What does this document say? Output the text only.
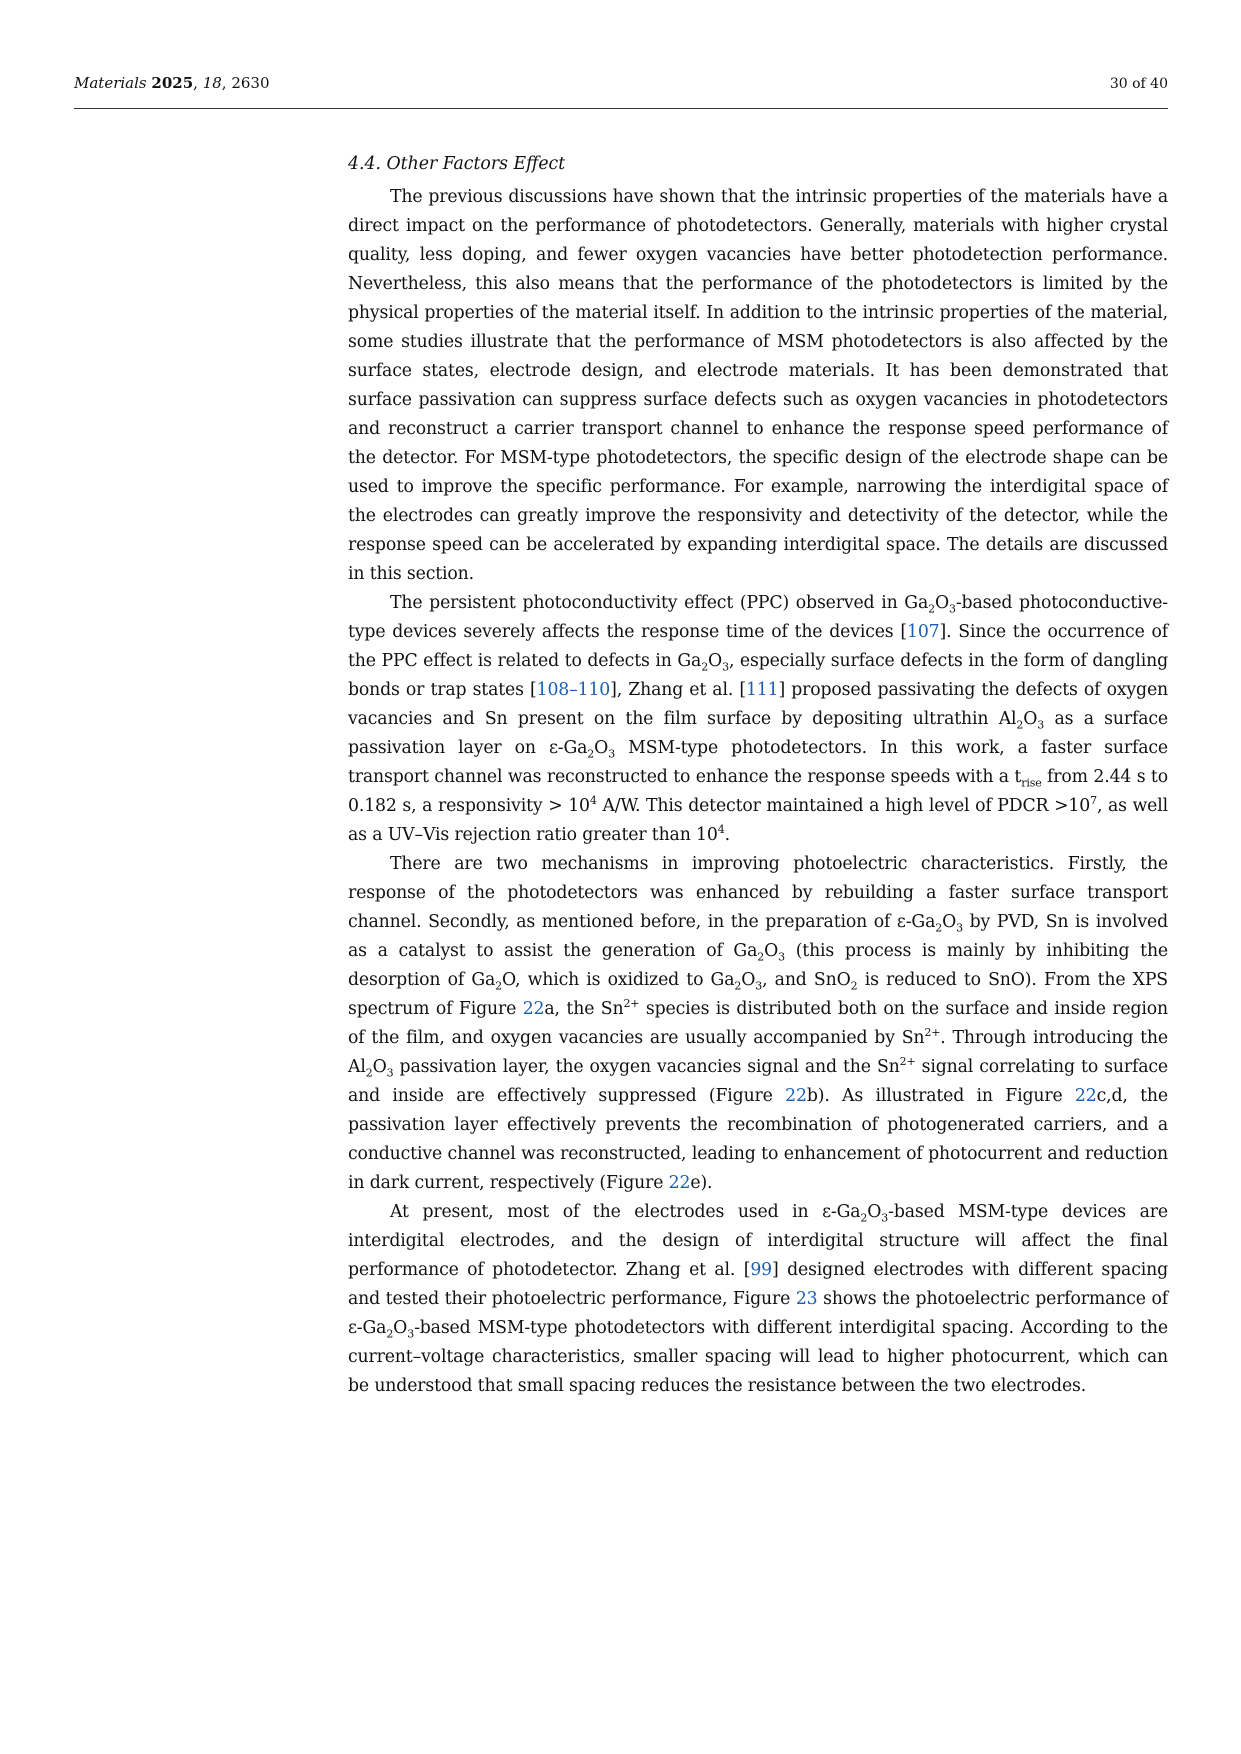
Materials 2025, 18, 2630	30 of 40

4.4. Other Factors Effect

The previous discussions have shown that the intrinsic properties of the materials have a direct impact on the performance of photodetectors. Generally, materials with higher crystal quality, less doping, and fewer oxygen vacancies have better photodetection performance. Nevertheless, this also means that the performance of the photodetectors is limited by the physical properties of the material itself. In addition to the intrinsic properties of the material, some studies illustrate that the performance of MSM photodetectors is also affected by the surface states, electrode design, and electrode materials. It has been demonstrated that surface passivation can suppress surface defects such as oxygen vacancies in photodetectors and reconstruct a carrier transport channel to enhance the response speed performance of the detector. For MSM-type photodetectors, the specific design of the electrode shape can be used to improve the specific performance. For example, narrowing the interdigital space of the electrodes can greatly improve the responsivity and detectivity of the detector, while the response speed can be accelerated by expanding interdigital space. The details are discussed in this section.

The persistent photoconductivity effect (PPC) observed in $Ga_2O_3$-based photoconductive-type devices severely affects the response time of the devices [107]. Since the occurrence of the PPC effect is related to defects in $Ga_2O_3$, especially surface defects in the form of dangling bonds or trap states [108–110], Zhang et al. [111] proposed passivating the defects of oxygen vacancies and Sn present on the film surface by depositing ultrathin $Al_2O_3$ as a surface passivation layer on $\varepsilon-Ga_2O_3$ MSM-type photodetectors. In this work, a faster surface transport channel was reconstructed to enhance the response speeds with a $t_{rise}$ from 2.44 s to 0.182 s, a responsivity > $10^4$ A/W. This detector maintained a high level of PDCR $>10^7$, as well as a UV–Vis rejection ratio greater than $10^4$.

There are two mechanisms in improving photoelectric characteristics. Firstly, the response of the photodetectors was enhanced by rebuilding a faster surface transport channel. Secondly, as mentioned before, in the preparation of $\varepsilon-Ga_2O_3$ by PVD, Sn is involved as a catalyst to assist the generation of $Ga_2O_3$ (this process is mainly by inhibiting the desorption of $Ga_2O$, which is oxidized to $Ga_2O_3$, and SnO$_2$ is reduced to SnO). From the XPS spectrum of Figure 22a, the $Sn^{2+}$ species is distributed both on the surface and inside region of the film, and oxygen vacancies are usually accompanied by $Sn^{2+}$. Through introducing the $Al_2O_3$ passivation layer, the oxygen vacancies signal and the $Sn^{2+}$ signal correlating to surface and inside are effectively suppressed (Figure 22b). As illustrated in Figure 22c,d, the passivation layer effectively prevents the recombination of photogenerated carriers, and a conductive channel was reconstructed, leading to enhancement of photocurrent and reduction in dark current, respectively (Figure 22e).

At present, most of the electrodes used in $\varepsilon-Ga_2O_3$-based MSM-type devices are interdigital electrodes, and the design of interdigital structure will affect the final performance of photodetector. Zhang et al. [99] designed electrodes with different spacing and tested their photoelectric performance, Figure 23 shows the photoelectric performance of $\varepsilon-Ga_2O_3$-based MSM-type photodetectors with different interdigital spacing. According to the current–voltage characteristics, smaller spacing will lead to higher photocurrent, which can be understood that small spacing reduces the resistance between the two electrodes.
